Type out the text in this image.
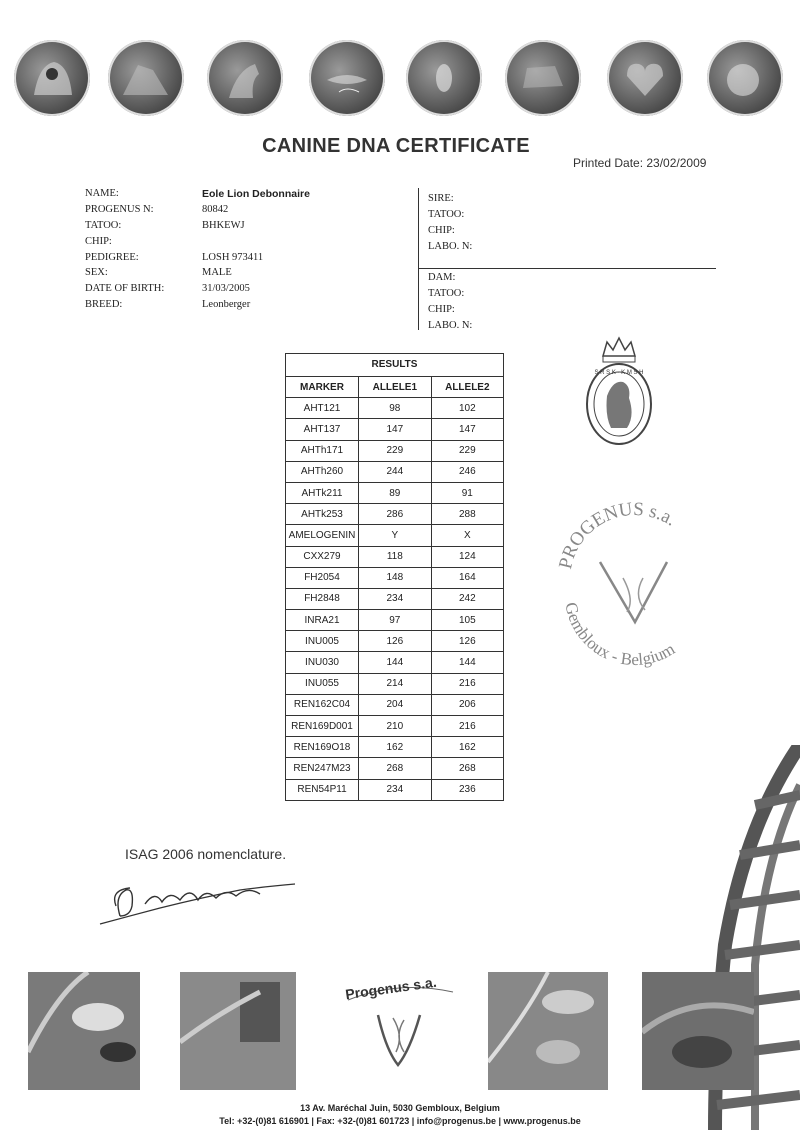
CANINE DNA CERTIFICATE
Printed Date: 23/02/2009
NAME:	Eole Lion Debonnaire
PROGENUS N:	80842
TATOO:	BHKEWJ
CHIP:
PEDIGREE:	LOSH 973411
SEX:	MALE
DATE OF BIRTH:	31/03/2005
BREED:	Leonberger
SIRE:
TATOO:
CHIP:
LABO. N:
DAM:
TATOO:
CHIP:
LABO. N:
RESULTS
MARKER	ALLELE1	ALLELE2
AHT121	98	102
AHT137	147	147
AHTh171	229	229
AHTh260	244	246
AHTk211	89	91
AHTk253	286	288
AMELOGENIN	Y	X
CXX279	118	124
FH2054	148	164
FH2848	234	242
INRA21	97	105
INU005	126	126
INU030	144	144
INU055	214	216
REN162C04	204	206
REN169D001	210	216
REN169O18	162	162
REN247M23	268	268
REN54P11	234	236
S R S K · K M S H
PROGENUS s.a.
Gembloux - Belgium
ISAG 2006 nomenclature.
Progenus s.a.
13 Av. Maréchal Juin, 5030 Gembloux, Belgium
Tel: +32-(0)81 616901 | Fax: +32-(0)81 601723 | info@progenus.be | www.progenus.be
